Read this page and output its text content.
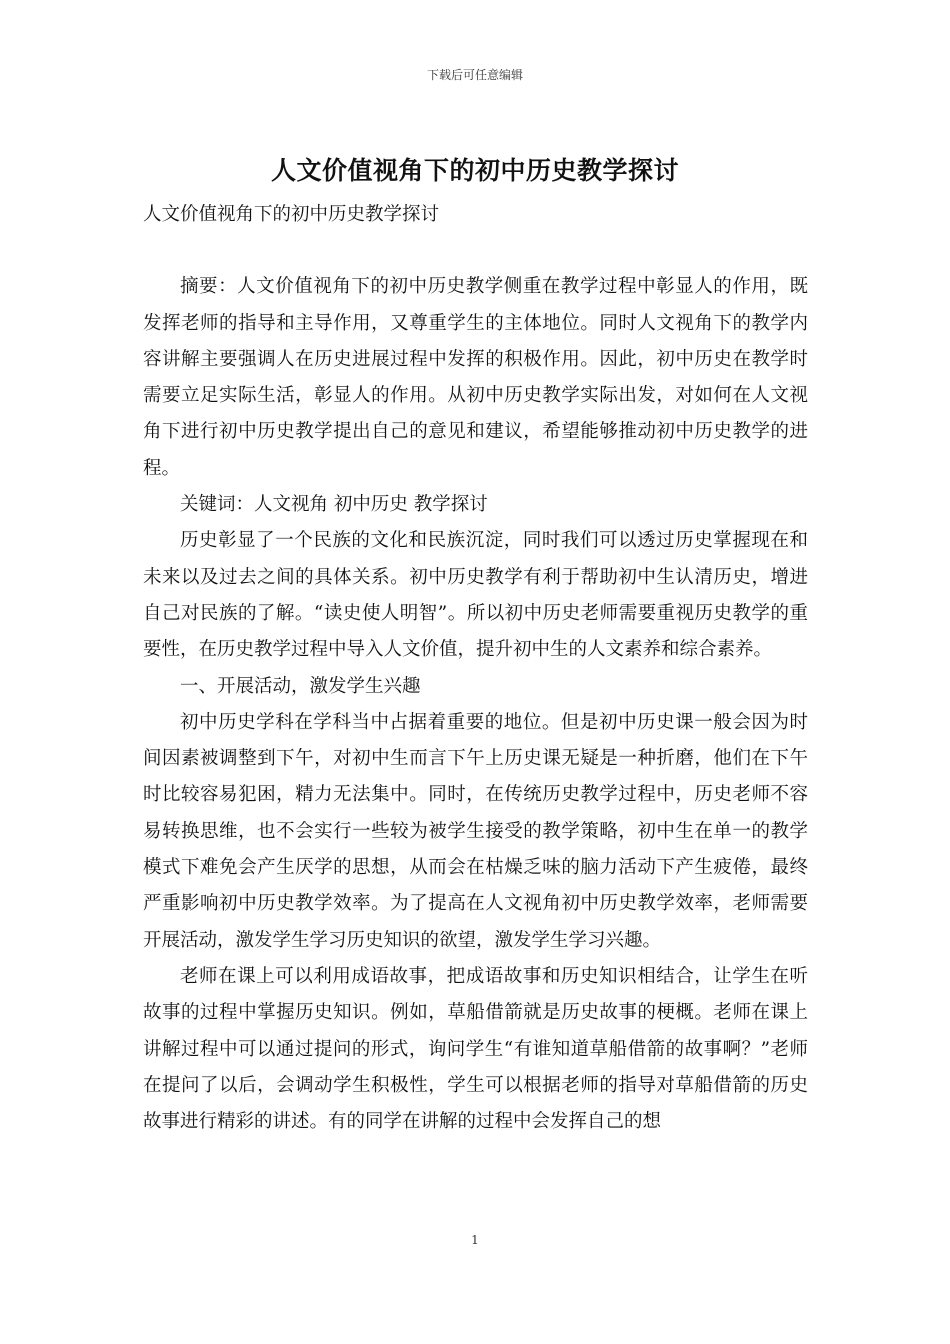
下载后可任意编辑
人文价值视角下的初中历史教学探讨

人文价值视角下的初中历史教学探讨

摘要：人文价值视角下的初中历史教学侧重在教学过程中彰显人的作用，既发挥老师的指导和主导作用，又尊重学生的主体地位。同时人文视角下的教学内容讲解主要强调人在历史进展过程中发挥的积极作用。因此，初中历史在教学时需要立足实际生活，彰显人的作用。从初中历史教学实际出发，对如何在人文视角下进行初中历史教学提出自己的意见和建议，希望能够推动初中历史教学的进程。

关键词：人文视角 初中历史 教学探讨

历史彰显了一个民族的文化和民族沉淀，同时我们可以透过历史掌握现在和未来以及过去之间的具体关系。初中历史教学有利于帮助初中生认清历史，增进自己对民族的了解。“读史使人明智”。所以初中历史老师需要重视历史教学的重要性，在历史教学过程中导入人文价值，提升初中生的人文素养和综合素养。

一、开展活动，激发学生兴趣

初中历史学科在学科当中占据着重要的地位。但是初中历史课一般会因为时间因素被调整到下午，对初中生而言下午上历史课无疑是一种折磨，他们在下午时比较容易犯困，精力无法集中。同时，在传统历史教学过程中，历史老师不容易转换思维，也不会实行一些较为被学生接受的教学策略，初中生在单一的教学模式下难免会产生厌学的思想，从而会在枯燥乏味的脑力活动下产生疲倦，最终严重影响初中历史教学效率。为了提高在人文视角初中历史教学效率，老师需要开展活动，激发学生学习历史知识的欲望，激发学生学习兴趣。

老师在课上可以利用成语故事，把成语故事和历史知识相结合，让学生在听故事的过程中掌握历史知识。例如，草船借箭就是历史故事的梗概。老师在课上讲解过程中可以通过提问的形式，询问学生“有谁知道草船借箭的故事啊？”老师在提问了以后，会调动学生积极性，学生可以根据老师的指导对草船借箭的历史故事进行精彩的讲述。有的同学在讲解的过程中会发挥自己的想

1
